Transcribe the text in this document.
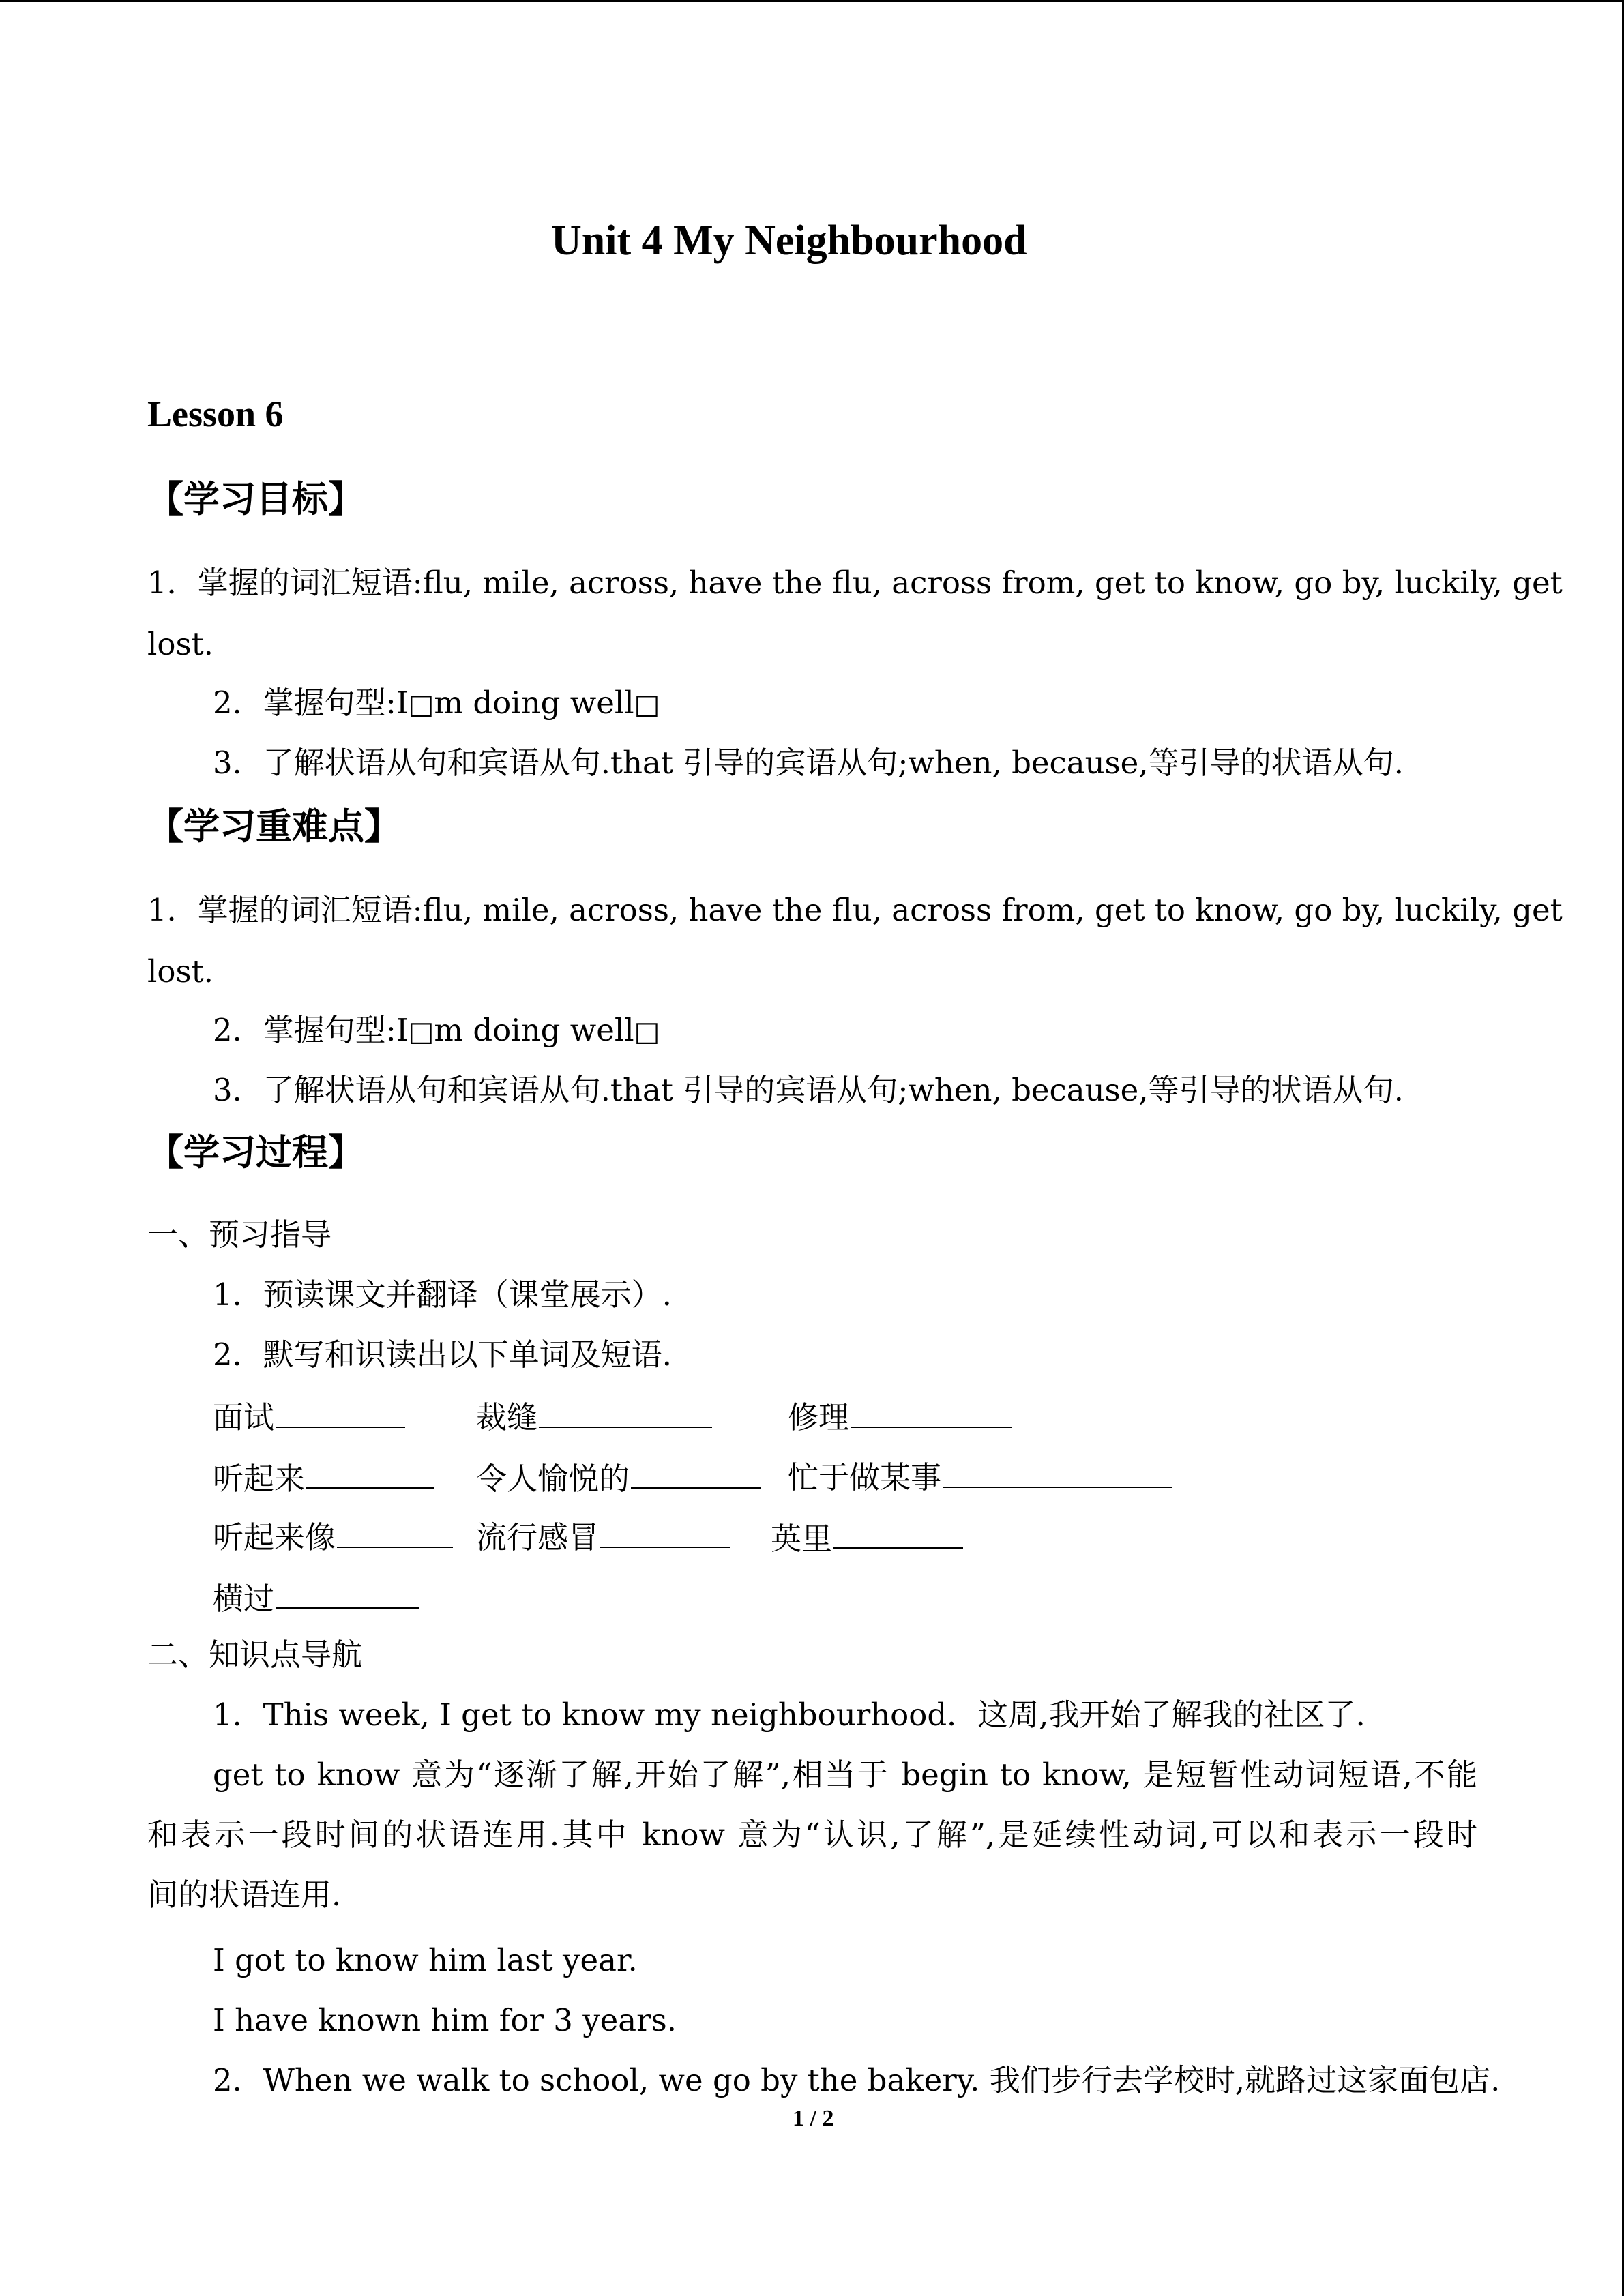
Unit 4 My Neighbourhood
Lesson 6
【学习目标】
1．掌握的词汇短语:flu, mile, across, have the flu, across from, get to know, go by, luckily, get
lost.
2．掌握句型:I□m doing well□
3．了解状语从句和宾语从句.that 引导的宾语从句;when, because,等引导的状语从句.
【学习重难点】
1．掌握的词汇短语:flu, mile, across, have the flu, across from, get to know, go by, luckily, get
lost.
2．掌握句型:I□m doing well□
3．了解状语从句和宾语从句.that 引导的宾语从句;when, because,等引导的状语从句.
【学习过程】
一、预习指导
1．预读课文并翻译（课堂展示）.
2．默写和识读出以下单词及短语.
面试	裁缝	修理
听起来	令人愉悦的	忙于做某事
听起来像	流行感冒	英里
横过
二、知识点导航
1．This week, I get to know my neighbourhood．这周,我开始了解我的社区了.
get to know 意为“逐渐了解,开始了解”,相当于 begin to know, 是短暂性动词短语,不能
和表示一段时间的状语连用.其中 know 意为“认识,了解”,是延续性动词,可以和表示一段时
间的状语连用.
I got to know him last year.
I have known him for 3 years.
2．When we walk to school, we go by the bakery. 我们步行去学校时,就路过这家面包店.
1 / 2
